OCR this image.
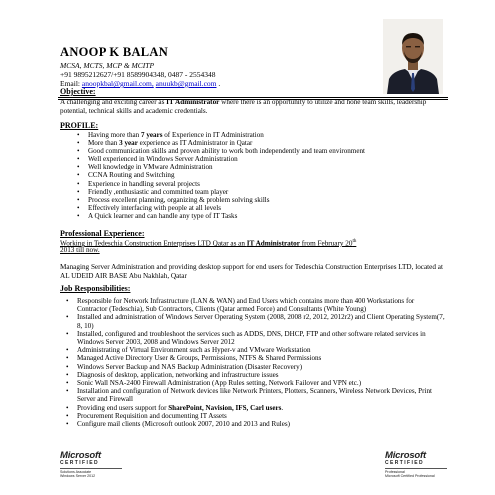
ANOOP K BALAN
MCSA, MCTS, MCP & MCITP
+91 9895212627/+91 8589904348, 0487 - 2554348
Email: anoopkbal@gmail.com, anuukb@gmail.com .
Objective:
A challenging and exciting career as IT Administrator where there is an opportunity to utilize and hone team skills, leadership potential, technical skills and academic credentials.
PROFILE:
• Having more than 7 years of Experience in IT Administration
• More than 3 year experience as IT Administrator in Qatar
• Good communication skills and proven ability to work both independently and team environment
• Well experienced in Windows Server Administration
• Well knowledge in VMware Administration
• CCNA Routing and Switching
• Experience in handling several projects
• Friendly ,enthusiastic and committed team player
• Process excellent planning, organizing & problem solving skills
• Effectively interfacing with people at all levels
• A Quick learner and can handle any type of IT Tasks
Professional Experience:
Working in Tedeschia Construction Enterprises LTD Qatar as an IT Administrator from February 20th
2013 till now.
Managing Server Administration and providing desktop support for end users for Tedeschia Construction Enterprises LTD, located at AL UDEID AIR BASE Abu Nakhlah, Qatar
Job Responsibilities:
• Responsible for Network Infrastructure (LAN & WAN) and End Users which contains more than 400 Workstations for Contractor (Tedeschia), Sub Contractors, Clients (Qatar armed Force) and Consultants (White Young)
• Installed and administration of Windows Server Operating System (2008, 2008 r2, 2012, 2012r2) and Client Operating System(7, 8, 10)
• Installed, configured and troubleshoot the services such as ADDS, DNS, DHCP, FTP and other software related services in Windows Server 2003, 2008 and Windows Server 2012
• Administrating of Virtual Environment such as Hyper-v and VMware Workstation
• Managed Active Directory User & Groups, Permissions, NTFS & Shared Permissions
• Windows Server Backup and NAS Backup Administration (Disaster Recovery)
• Diagnosis of desktop, application, networking and infrastructure issues
• Sonic Wall NSA-2400 Firewall Administration (App Rules setting, Network Failover and VPN etc.)
• Installation and configuration of Network devices like Network Printers, Plotters, Scanners, Wireless Network Devices, Print Server and Firewall
• Providing end users support for SharePoint, Navision, IFS, Carl users.
• Procurement Requisition and documenting IT Assets
• Configure mail clients (Microsoft outlook 2007, 2010 and 2013 and Rules)
Microsoft
CERTIFIED
Solutions Associate
Windows Server 2012
Microsoft
CERTIFIED
Professional
Microsoft Certified Professional
